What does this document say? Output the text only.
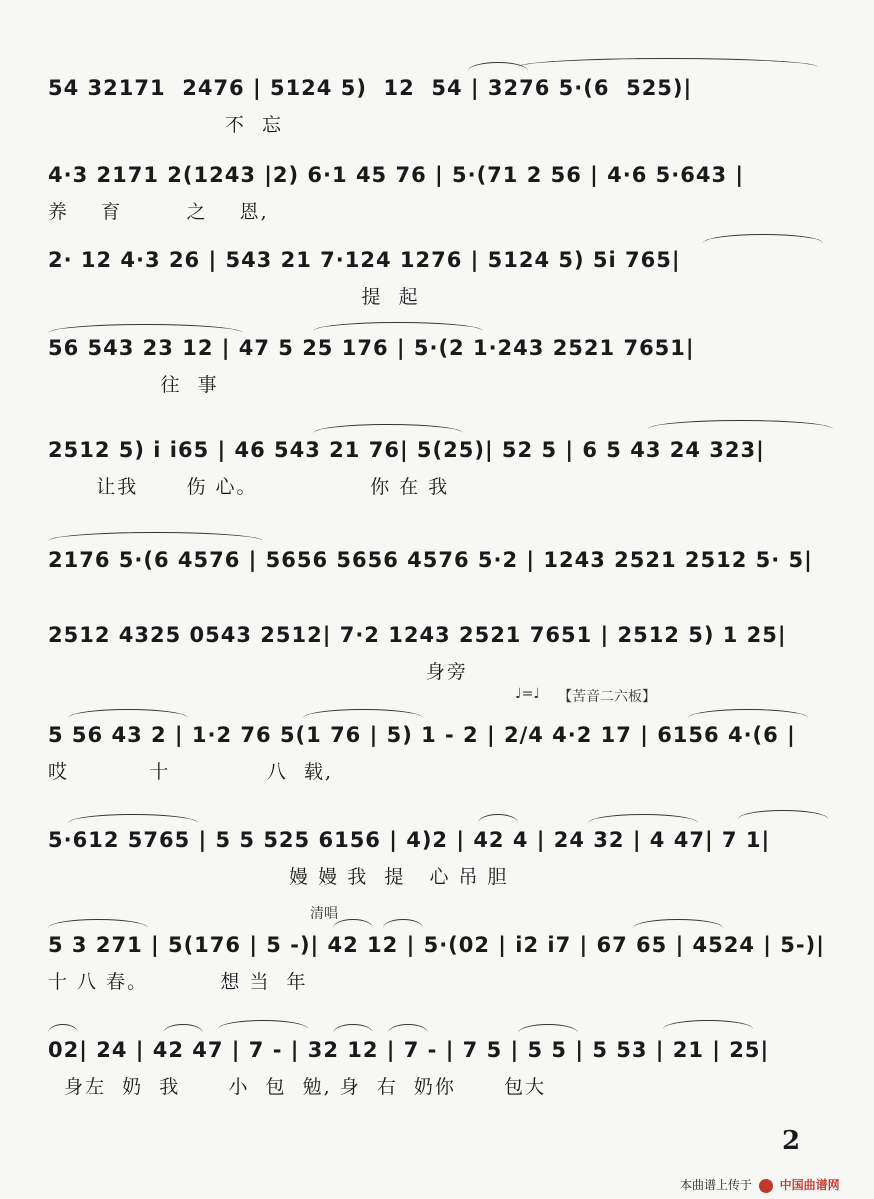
54 32171  2476 | 5124 5)  12  54 | 3276 5·(6  525)|
不  忘
4·3 2171 2(1243 |2) 6·1 45 76 | 5·(71 2 56 | 4·6 5·643 |
养    育        之    恩,
2· 12 4·3 26 | 543 21 7·124 1276 | 5124 5) 5i 765|
提  起
56 543 23 12 | 47 5 25 176 | 5·(2 1·243 2521 7651|
往  事
2512 5) i i65 | 46 543 21 76| 5(25)| 52 5 | 6 5 43 24 323|
让我      伤 心。              你 在 我
2176 5·(6 4576 | 5656 5656 4576 5·2 | 1243 2521 2512 5· 5|
2512 4325 0543 2512| 7·2 1243 2521 7651 | 2512 5) 1 25|
身旁
♩=♩ 【苦音二六板】
5 56 43 2 | 1·2 76 5(1 76 | 5) 1 - 2 | 2/4 4·2 17 | 6156 4·(6 |
哎          十            八  载,
5·612 5765 | 5 5 525 6156 | 4)2 | 42 4 | 24 32 | 4 47| 7 1|
嫚 嫚 我  提   心 吊 胆
清唱
5 3 271 | 5(176 | 5 -)| 42 12 | 5·(02 | i2 i7 | 67 65 | 4524 | 5-)|
十 八 春。         想 当  年
02| 24 | 42 47 | 7 - | 32 12 | 7 - | 7 5 | 5 5 | 5 53 | 21 | 25|
身左  奶  我      小  包  勉, 身  右  奶你      包大
2
本曲谱上传于 中国曲谱网
